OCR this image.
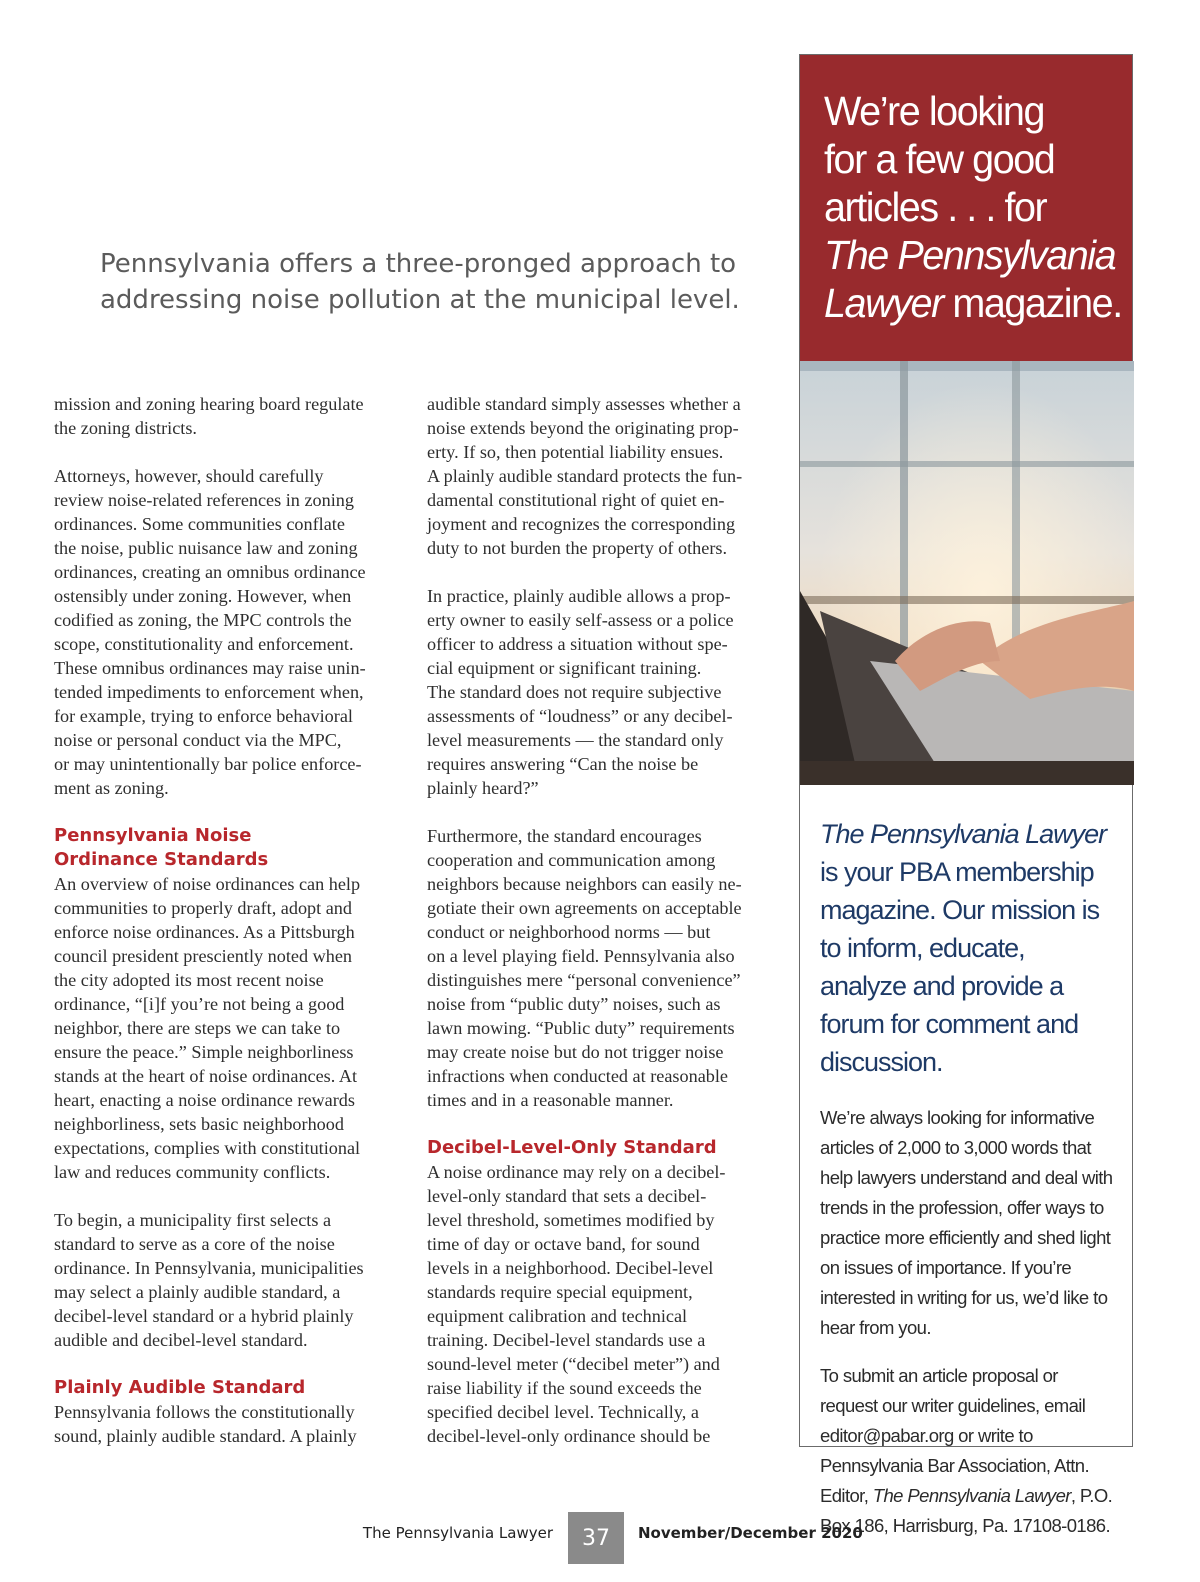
Pennsylvania offers a three-pronged approach to addressing noise pollution at the municipal level.

mission and zoning hearing board regulate
the zoning districts.

Attorneys, however, should carefully
review noise-related references in zoning
ordinances. Some communities conflate
the noise, public nuisance law and zoning
ordinances, creating an omnibus ordinance
ostensibly under zoning. However, when
codified as zoning, the MPC controls the
scope, constitutionality and enforcement.
These omnibus ordinances may raise unin-
tended impediments to enforcement when,
for example, trying to enforce behavioral
noise or personal conduct via the MPC,
or may unintentionally bar police enforce-
ment as zoning.

Pennsylvania Noise
Ordinance Standards

An overview of noise ordinances can help
communities to properly draft, adopt and
enforce noise ordinances. As a Pittsburgh
council president presciently noted when
the city adopted its most recent noise
ordinance, “[i]f you’re not being a good
neighbor, there are steps we can take to
ensure the peace.” Simple neighborliness
stands at the heart of noise ordinances. At
heart, enacting a noise ordinance rewards
neighborliness, sets basic neighborhood
expectations, complies with constitutional
law and reduces community conflicts.

To begin, a municipality first selects a
standard to serve as a core of the noise
ordinance. In Pennsylvania, municipalities
may select a plainly audible standard, a
decibel-level standard or a hybrid plainly
audible and decibel-level standard.

Plainly Audible Standard

Pennsylvania follows the constitutionally
sound, plainly audible standard. A plainly

audible standard simply assesses whether a
noise extends beyond the originating prop-
erty. If so, then potential liability ensues.
A plainly audible standard protects the fun-
damental constitutional right of quiet en-
joyment and recognizes the corresponding
duty to not burden the property of others.

In practice, plainly audible allows a prop-
erty owner to easily self-assess or a police
officer to address a situation without spe-
cial equipment or significant training.
The standard does not require subjective
assessments of “loudness” or any decibel-
level measurements — the standard only
requires answering “Can the noise be
plainly heard?”

Furthermore, the standard encourages
cooperation and communication among
neighbors because neighbors can easily ne-
gotiate their own agreements on acceptable
conduct or neighborhood norms — but
on a level playing field. Pennsylvania also
distinguishes mere “personal convenience”
noise from “public duty” noises, such as
lawn mowing. “Public duty” requirements
may create noise but do not trigger noise
infractions when conducted at reasonable
times and in a reasonable manner.

Decibel-Level-Only Standard

A noise ordinance may rely on a decibel-
level-only standard that sets a decibel-
level threshold, sometimes modified by
time of day or octave band, for sound
levels in a neighborhood. Decibel-level
standards require special equipment,
equipment calibration and technical
training. Decibel-level standards use a
sound-level meter (“decibel meter”) and
raise liability if the sound exceeds the
specified decibel level. Technically, a
decibel-level-only ordinance should be

We’re looking
for a few good
articles . . . for
The Pennsylvania
Lawyer magazine.

The Pennsylvania Lawyer
is your PBA membership magazine. Our mission is to inform, educate, analyze and provide a forum for comment and discussion.

We’re always looking for informative articles of 2,000 to 3,000 words that help lawyers understand and deal with trends in the profession, offer ways to practice more efficiently and shed light on issues of importance. If you’re interested in writing for us, we’d like to hear from you.

To submit an article proposal or request our writer guidelines, email editor@pabar.org or write to Pennsylvania Bar Association, Attn. Editor, The Pennsylvania Lawyer, P.O. Box 186, Harrisburg, Pa. 17108-0186.

The Pennsylvania Lawyer	37	November/December 2020
